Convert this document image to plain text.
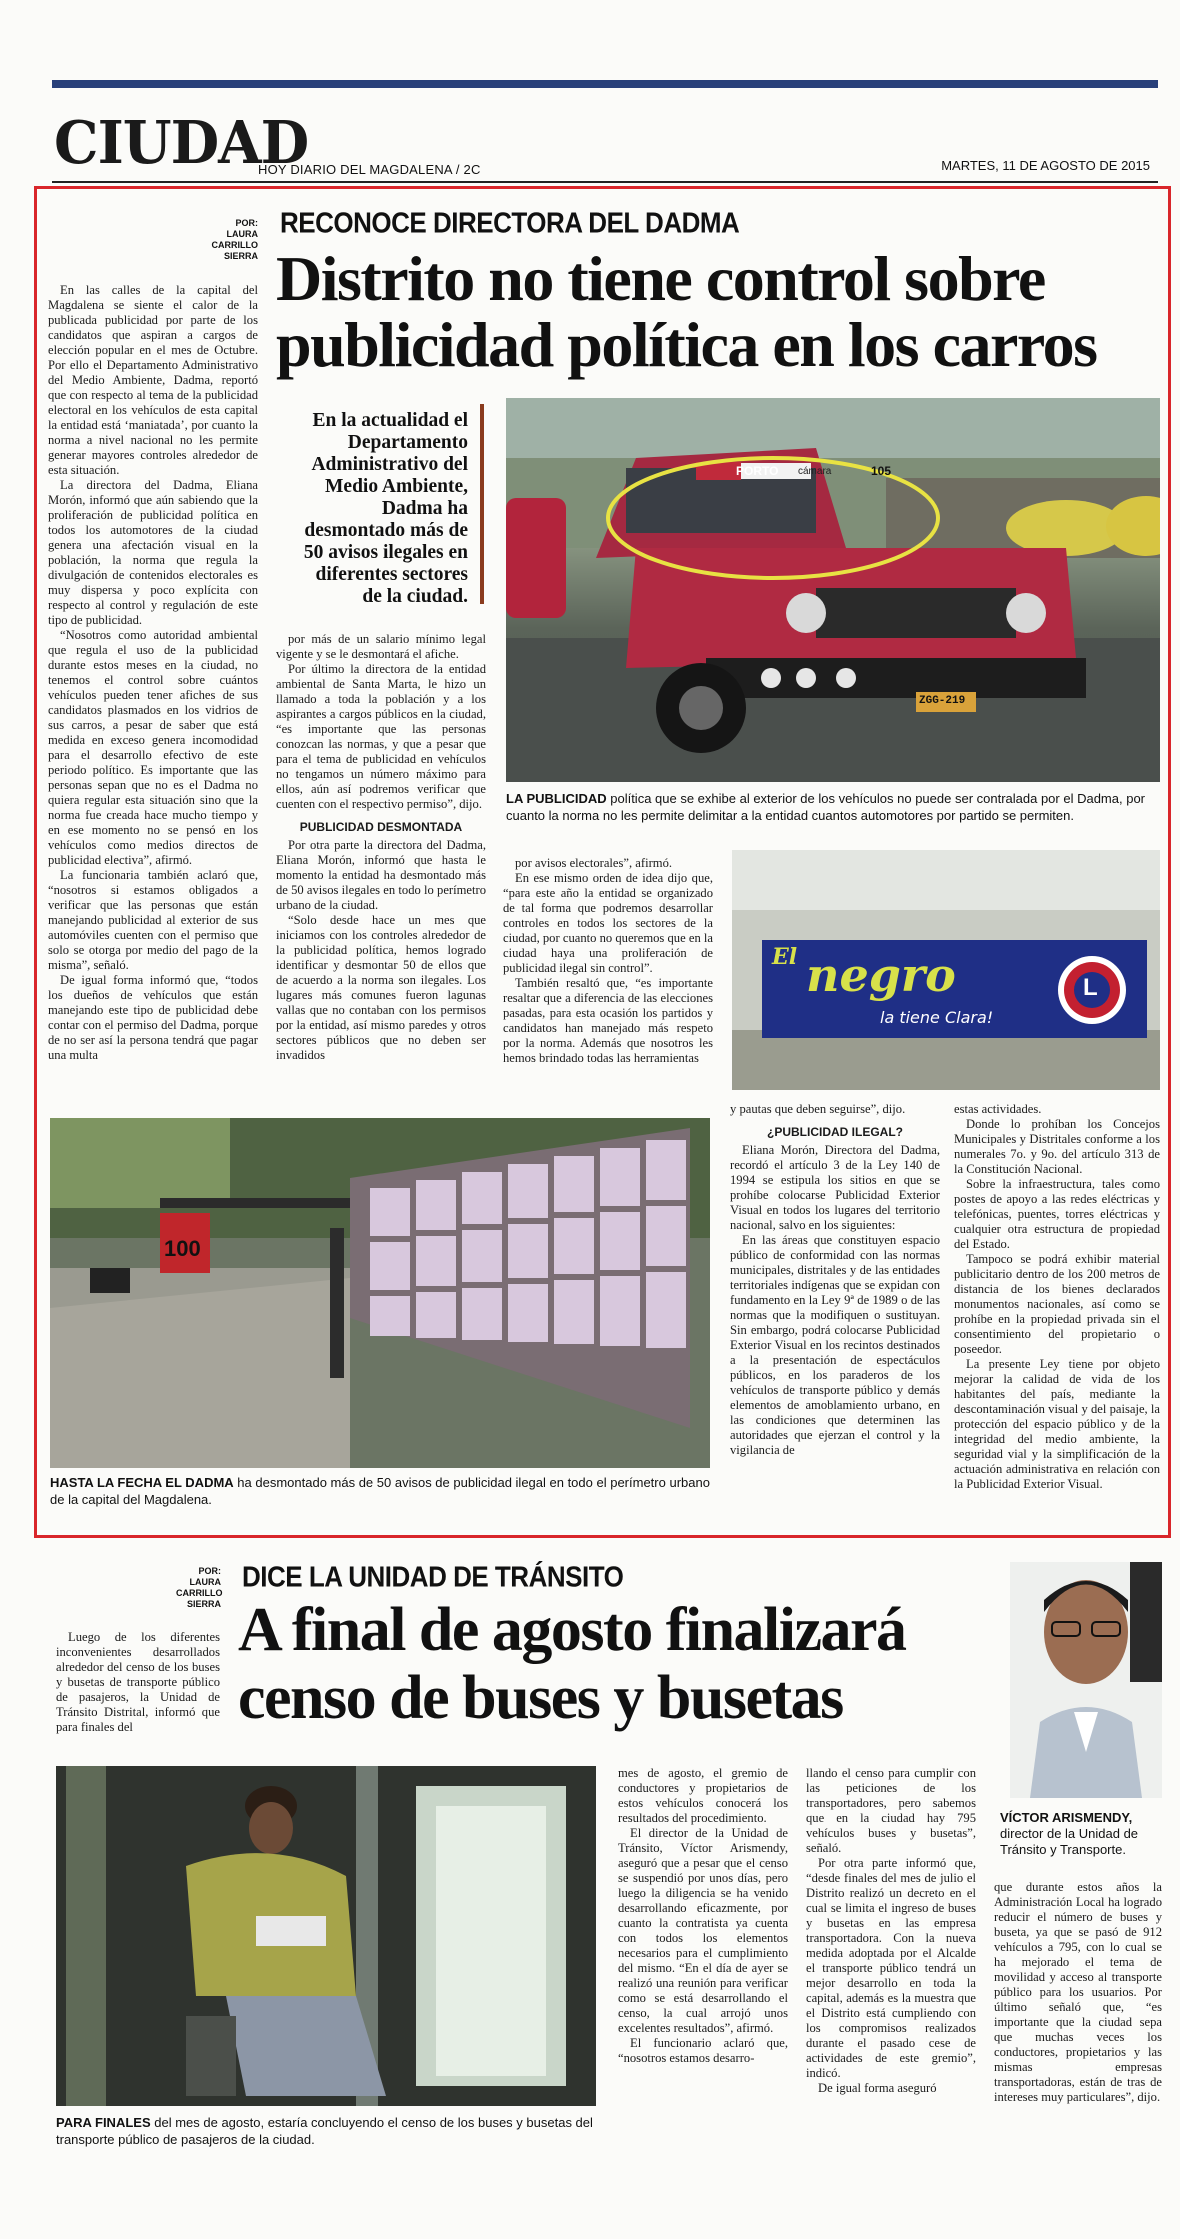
CIUDAD
HOY DIARIO DEL MAGDALENA / 2C	MARTES, 11 DE AGOSTO DE 2015
POR:
LAURA
CARRILLO
SIERRA
RECONOCE DIRECTORA DEL DADMA
Distrito no tiene control sobre
publicidad política en los carros

En las calles de la capital del Magdalena se siente el calor de la publicada publicidad por parte de los candidatos que aspiran a cargos de elección popular en el mes de Octubre. Por ello el Departamento Administrativo del Medio Ambiente, Dadma, reportó que con respecto al tema de la publicidad electoral en los vehículos de esta capital la entidad está ‘maniatada’, por cuanto la norma a nivel nacional no les permite generar mayores controles alrededor de esta situación.

La directora del Dadma, Eliana Morón, informó que aún sabiendo que la proliferación de publicidad política en todos los automotores de la ciudad genera una afectación visual en la población, la norma que regula la divulgación de contenidos electorales es muy dispersa y poco explícita con respecto al control y regulación de este tipo de publicidad.

“Nosotros como autoridad ambiental que regula el uso de la publicidad durante estos meses en la ciudad, no tenemos el control sobre cuántos vehículos pueden tener afiches de sus candidatos plasmados en los vidrios de sus carros, a pesar de saber que está medida en exceso genera incomodidad para el desarrollo efectivo de este periodo político. Es importante que las personas sepan que no es el Dadma no quiera regular esta situación sino que la norma fue creada hace mucho tiempo y en ese momento no se pensó en los vehículos como medios directos de publicidad electiva”, afirmó.

La funcionaria también aclaró que, “nosotros si estamos obligados a verificar que las personas que están manejando publicidad al exterior de sus automóviles cuenten con el permiso que solo se otorga por medio del pago de la misma”, señaló.

De igual forma informó que, “todos los dueños de vehículos que están manejando este tipo de publicidad debe contar con el permiso del Dadma, porque de no ser así la persona tendrá que pagar una multa

En la actualidad el Departamento Administrativo del Medio Ambiente, Dadma ha desmontado más de 50 avisos ilegales en diferentes sectores de la ciudad.

por más de un salario mínimo legal vigente y se le desmontará el afiche.

Por último la directora de la entidad ambiental de Santa Marta, le hizo un llamado a toda la población y a los aspirantes a cargos públicos en la ciudad, “es importante que las personas conozcan las normas, y que a pesar que para el tema de publicidad en vehículos no tengamos un número máximo para ellos, aún así podremos verificar que cuenten con el respectivo permiso”, dijo.

PUBLICIDAD DESMONTADA

Por otra parte la directora del Dadma, Eliana Morón, informó que hasta le momento la entidad ha desmontado más de 50 avisos ilegales en todo lo perímetro urbano de la ciudad.

“Solo desde hace un mes que iniciamos con los controles alrededor de la publicidad política, hemos logrado identificar y desmontar 50 de ellos que de acuerdo a la norma son ilegales. Los lugares más comunes fueron lagunas vallas que no contaban con los permisos por la entidad, así mismo paredes y otros sectores públicos que no deben ser invadidos

por avisos electorales”, afirmó.

En ese mismo orden de idea dijo que, “para este año la entidad se organizado de tal forma que podremos desarrollar controles en todos los sectores de la ciudad, por cuanto no queremos que en la ciudad haya una proliferación de publicidad ilegal sin control”.

También resaltó que, “es importante resaltar que a diferencia de las elecciones pasadas, para esta ocasión los partidos y candidatos han manejado más respeto por la norma. Además que nosotros les hemos brindado todas las herramientas

PORTO cámara	105
ZGG-219
LA PUBLICIDAD política que se exhibe al exterior de los vehículos no puede ser contralada por el Dadma, por cuanto la norma no les permite delimitar a la entidad cuantos automotores por partido se permiten.
El negro
la tiene Clara!
L

y pautas que deben seguirse”, dijo.

¿PUBLICIDAD ILEGAL?

Eliana Morón, Directora del Dadma, recordó el artículo 3 de la Ley 140 de 1994 se estipula los sitios en que se prohíbe colocarse Publicidad Exterior Visual en todos los lugares del territorio nacional, salvo en los siguientes:

En las áreas que constituyen espacio público de conformidad con las normas municipales, distritales y de las entidades territoriales indígenas que se expidan con fundamento en la Ley 9ª de 1989 o de las normas que la modifiquen o sustituyan. Sin embargo, podrá colocarse Publicidad Exterior Visual en los recintos destinados a la presentación de espectáculos públicos, en los paraderos de los vehículos de transporte público y demás elementos de amoblamiento urbano, en las condiciones que determinen las autoridades que ejerzan el control y la vigilancia de

estas actividades.

Donde lo prohíban los Concejos Municipales y Distritales conforme a los numerales 7o. y 9o. del artículo 313 de la Constitución Nacional.

Sobre la infraestructura, tales como postes de apoyo a las redes eléctricas y telefónicas, puentes, torres eléctricas y cualquier otra estructura de propiedad del Estado.

Tampoco se podrá exhibir material publicitario dentro de los 200 metros de distancia de los bienes declarados monumentos nacionales, así como se prohíbe en la propiedad privada sin el consentimiento del propietario o poseedor.

La presente Ley tiene por objeto mejorar la calidad de vida de los habitantes del país, mediante la descontaminación visual y del paisaje, la protección del espacio público y de la integridad del medio ambiente, la seguridad vial y la simplificación de la actuación administrativa en relación con la Publicidad Exterior Visual.

100
HASTA LA FECHA EL DADMA ha desmontado más de 50 avisos de publicidad ilegal en todo el perímetro urbano de la capital del Magdalena.
POR:
LAURA
CARRILLO
SIERRA
DICE LA UNIDAD DE TRÁNSITO
A final de agosto finalizará
censo de buses y busetas

Luego de los diferentes inconvenientes desarrollados alrededor del censo de los buses y busetas de transporte público de pasajeros, la Unidad de Tránsito Distrital, informó que para finales del

VÍCTOR ARISMENDY, director de la Unidad de Tránsito y Transporte.
PARA FINALES del mes de agosto, estaría concluyendo el censo de los buses y busetas del transporte público de pasajeros de la ciudad.

mes de agosto, el gremio de conductores y propietarios de estos vehículos conocerá los resultados del procedimiento.

El director de la Unidad de Tránsito, Víctor Arismendy, aseguró que a pesar que el censo se suspendió por unos días, pero luego la diligencia se ha venido desarrollando eficazmente, por cuanto la contratista ya cuenta con todos los elementos necesarios para el cumplimiento del mismo. “En el día de ayer se realizó una reunión para verificar como se está desarrollando el censo, la cual arrojó unos excelentes resultados”, afirmó.

El funcionario aclaró que, “nosotros estamos desarro-

llando el censo para cumplir con las peticiones de los transportadores, pero sabemos que en la ciudad hay 795 vehículos buses y busetas”, señaló.

Por otra parte informó que, “desde finales del mes de julio el Distrito realizó un decreto en el cual se limita el ingreso de buses y busetas en las empresa transportadora. Con la nueva medida adoptada por el Alcalde el transporte público tendrá un mejor desarrollo en toda la capital, además es la muestra que el Distrito está cumpliendo con los compromisos realizados durante el pasado cese de actividades de este gremio”, indicó.

De igual forma aseguró

que durante estos años la Administración Local ha logrado reducir el número de buses y buseta, ya que se pasó de 912 vehículos a 795, con lo cual se ha mejorado el tema de movilidad y acceso al transporte público para los usuarios. Por último señaló que, “es importante que la ciudad sepa que muchas veces los conductores, propietarios y las mismas empresas transportadoras, están de tras de intereses muy particulares”, dijo.
